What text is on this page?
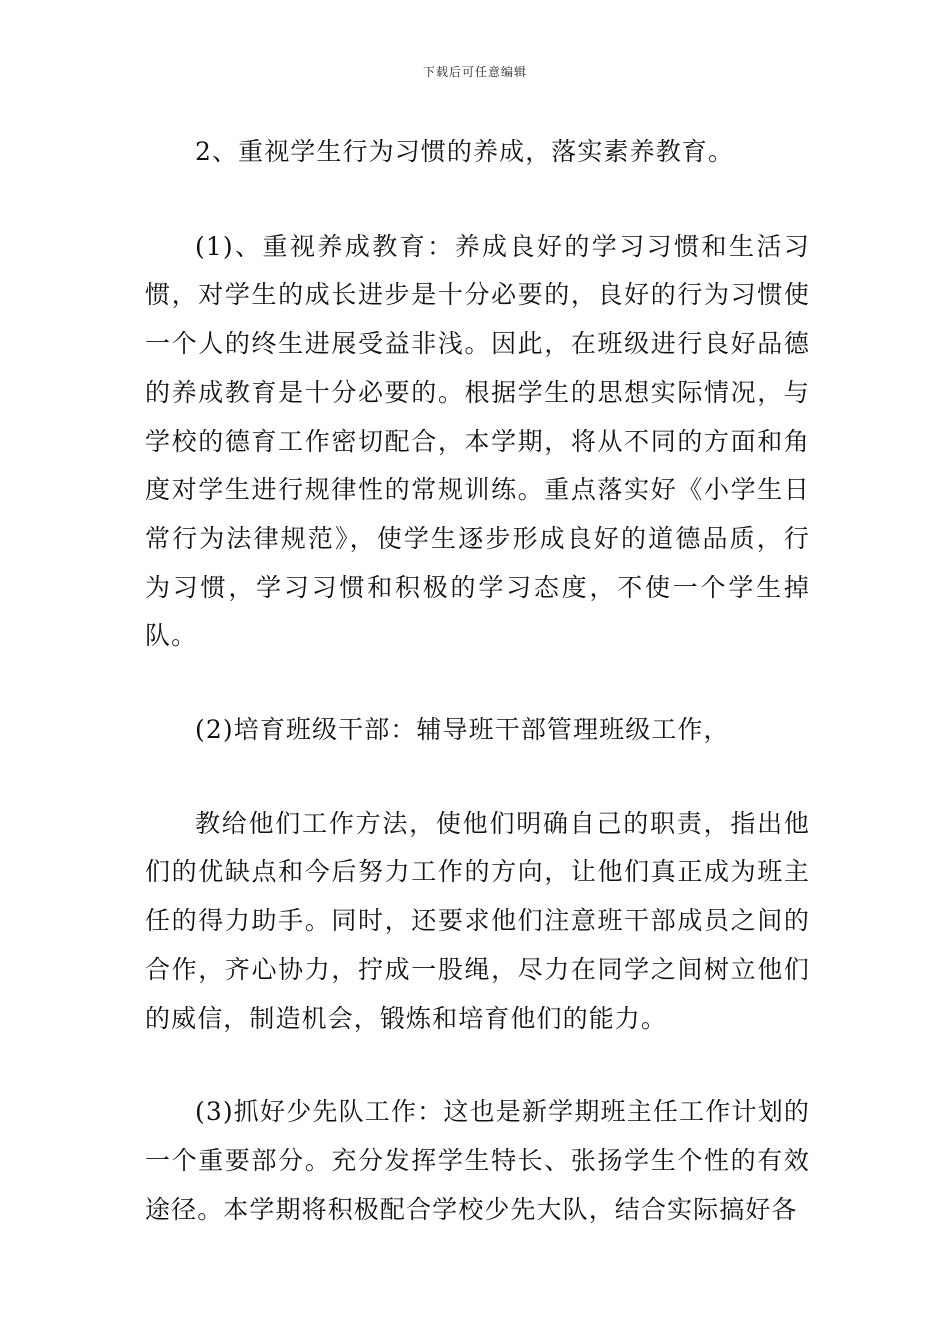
下载后可任意编辑

2、重视学生行为习惯的养成，落实素养教育。

(1)、重视养成教育：养成良好的学习习惯和生活习惯，对学生的成长进步是十分必要的，良好的行为习惯使一个人的终生进展受益非浅。因此，在班级进行良好品德的养成教育是十分必要的。根据学生的思想实际情况，与学校的德育工作密切配合，本学期，将从不同的方面和角度对学生进行规律性的常规训练。重点落实好《小学生日常行为法律规范》，使学生逐步形成良好的道德品质，行为习惯，学习习惯和积极的学习态度，不使一个学生掉队。

(2)培育班级干部：辅导班干部管理班级工作，

教给他们工作方法，使他们明确自己的职责，指出他们的优缺点和今后努力工作的方向，让他们真正成为班主任的得力助手。同时，还要求他们注意班干部成员之间的合作，齐心协力，拧成一股绳，尽力在同学之间树立他们的威信，制造机会，锻炼和培育他们的能力。

(3)抓好少先队工作：这也是新学期班主任工作计划的一个重要部分。充分发挥学生特长、张扬学生个性的有效途径。本学期将积极配合学校少先大队，结合实际搞好各
